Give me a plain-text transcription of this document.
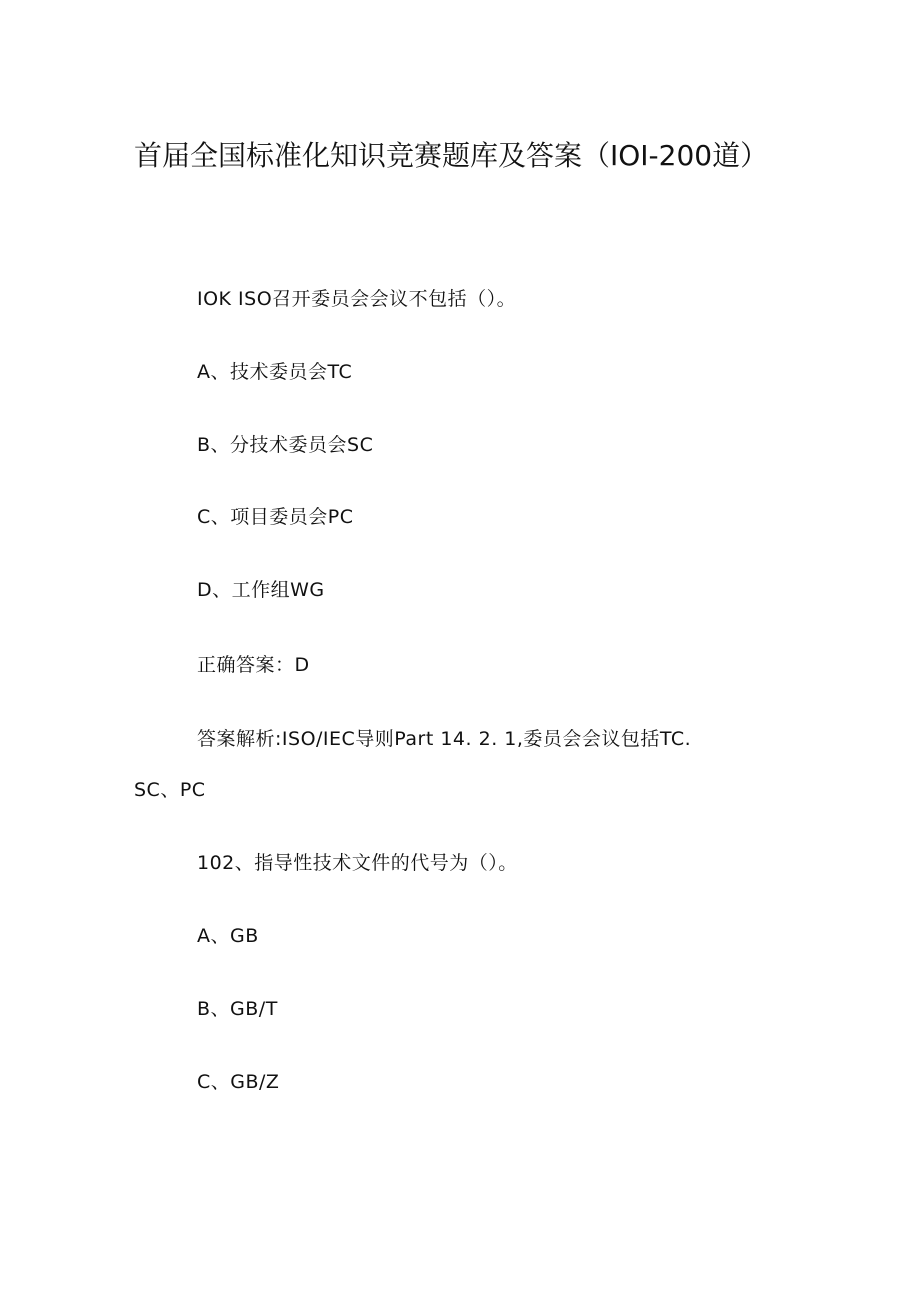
首届全国标准化知识竞赛题库及答案（IOI-200道）
IOK ISO召开委员会会议不包括（）。
A、技术委员会TC
B、分技术委员会SC
C、项目委员会PC
D、工作组WG
正确答案：D
答案解析:ISO/IEC导则Part 14. 2. 1,委员会会议包括TC.
SC、PC
102、指导性技术文件的代号为（）。
A、GB
B、GB/T
C、GB/Z
